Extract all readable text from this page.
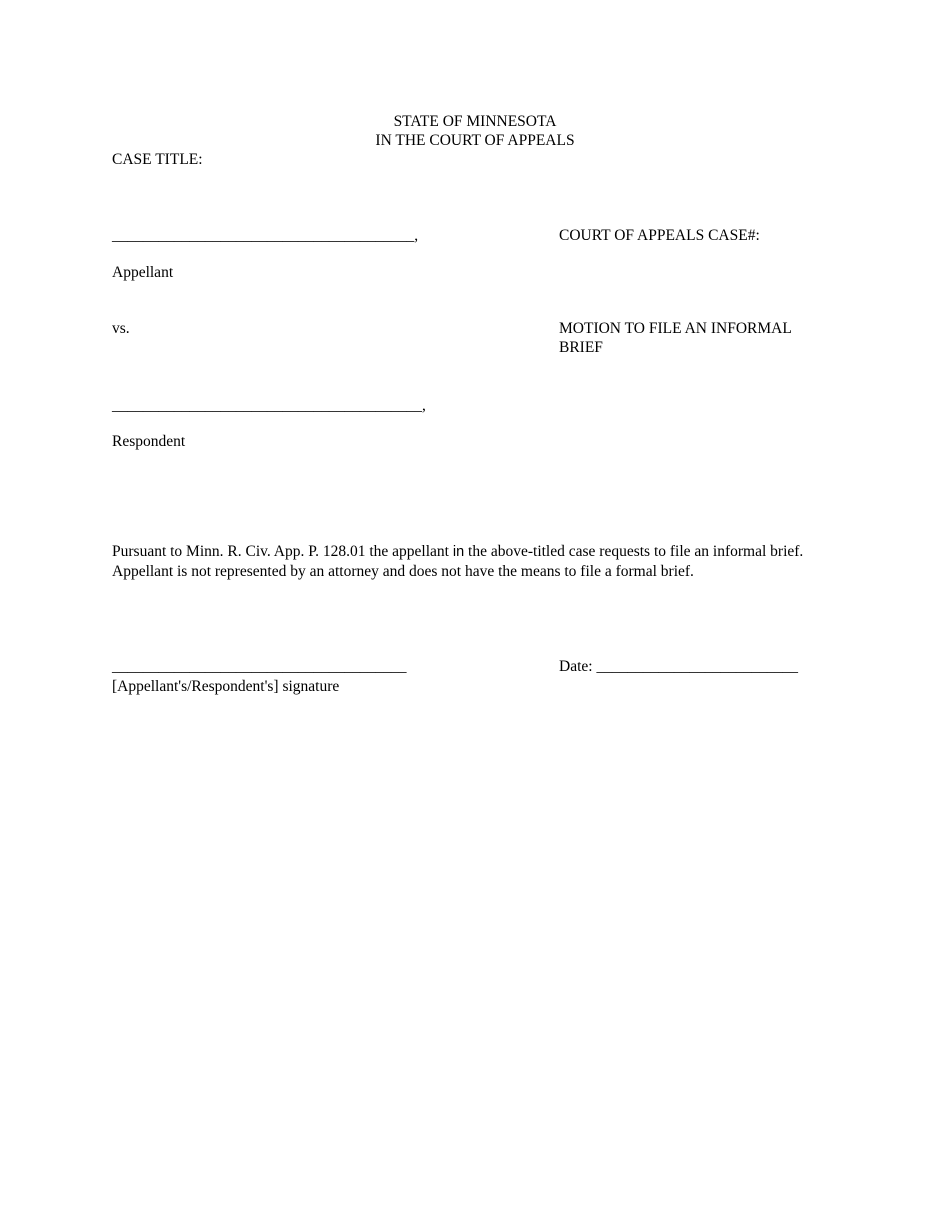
STATE OF MINNESOTA
IN THE COURT OF APPEALS
CASE TITLE:
_______________________________________,
Appellant
vs.
________________________________________,
Respondent
COURT OF APPEALS CASE#:
MOTION TO FILE AN INFORMAL
BRIEF
Pursuant to Minn. R. Civ. App. P. 128.01 the appellant in the above-titled case requests to file an informal brief. Appellant is not represented by an attorney and does not have the means to file a formal brief.
______________________________________
[Appellant's/Respondent's] signature
Date: __________________________
